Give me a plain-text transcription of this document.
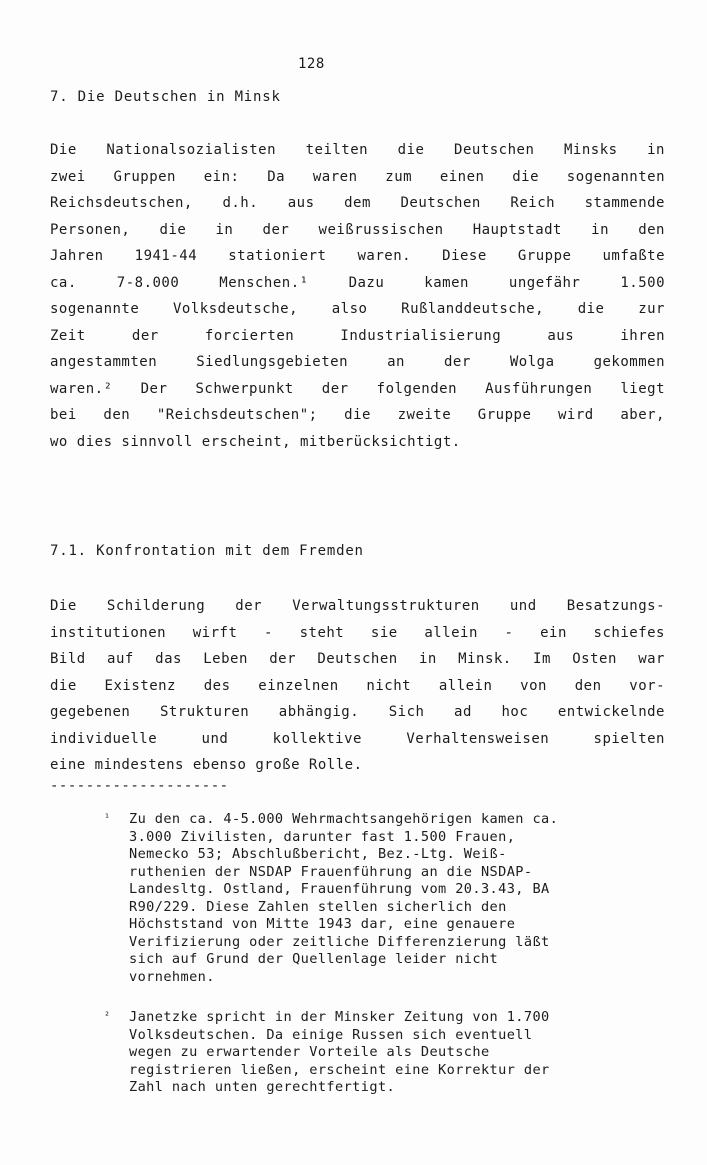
128
7. Die Deutschen in Minsk
Die Nationalsozialisten teilten die Deutschen Minsks in
zwei Gruppen ein: Da waren zum einen die sogenannten
Reichsdeutschen, d.h. aus dem Deutschen Reich stammende
Personen, die in der weißrussischen Hauptstadt in den
Jahren 1941-44 stationiert waren. Diese Gruppe umfaßte
ca. 7-8.000 Menschen.¹ Dazu kamen ungefähr 1.500
sogenannte Volksdeutsche, also Rußlanddeutsche, die zur
Zeit der forcierten Industrialisierung aus ihren
angestammten Siedlungsgebieten an der Wolga gekommen
waren.² Der Schwerpunkt der folgenden Ausführungen liegt
bei den "Reichsdeutschen"; die zweite Gruppe wird aber,
wo dies sinnvoll erscheint, mitberücksichtigt.
7.1. Konfrontation mit dem Fremden
Die Schilderung der Verwaltungsstrukturen und Besatzungs-
institutionen wirft - steht sie allein - ein schiefes
Bild auf das Leben der Deutschen in Minsk. Im Osten war
die Existenz des einzelnen nicht allein von den vor-
gegebenen Strukturen abhängig. Sich ad hoc entwickelnde
individuelle und kollektive Verhaltensweisen spielten
eine mindestens ebenso große Rolle.
--------------------
¹ Zu den ca. 4-5.000 Wehrmachtsangehörigen kamen ca.
3.000 Zivilisten, darunter fast 1.500 Frauen,
Nemecko 53; Abschlußbericht, Bez.-Ltg. Weiß-
ruthenien der NSDAP Frauenführung an die NSDAP-
Landesltg. Ostland, Frauenführung vom 20.3.43, BA
R90/229. Diese Zahlen stellen sicherlich den
Höchststand von Mitte 1943 dar, eine genauere
Verifizierung oder zeitliche Differenzierung läßt
sich auf Grund der Quellenlage leider nicht
vornehmen.
² Janetzke spricht in der Minsker Zeitung von 1.700
Volksdeutschen. Da einige Russen sich eventuell
wegen zu erwartender Vorteile als Deutsche
registrieren ließen, erscheint eine Korrektur der
Zahl nach unten gerechtfertigt.
